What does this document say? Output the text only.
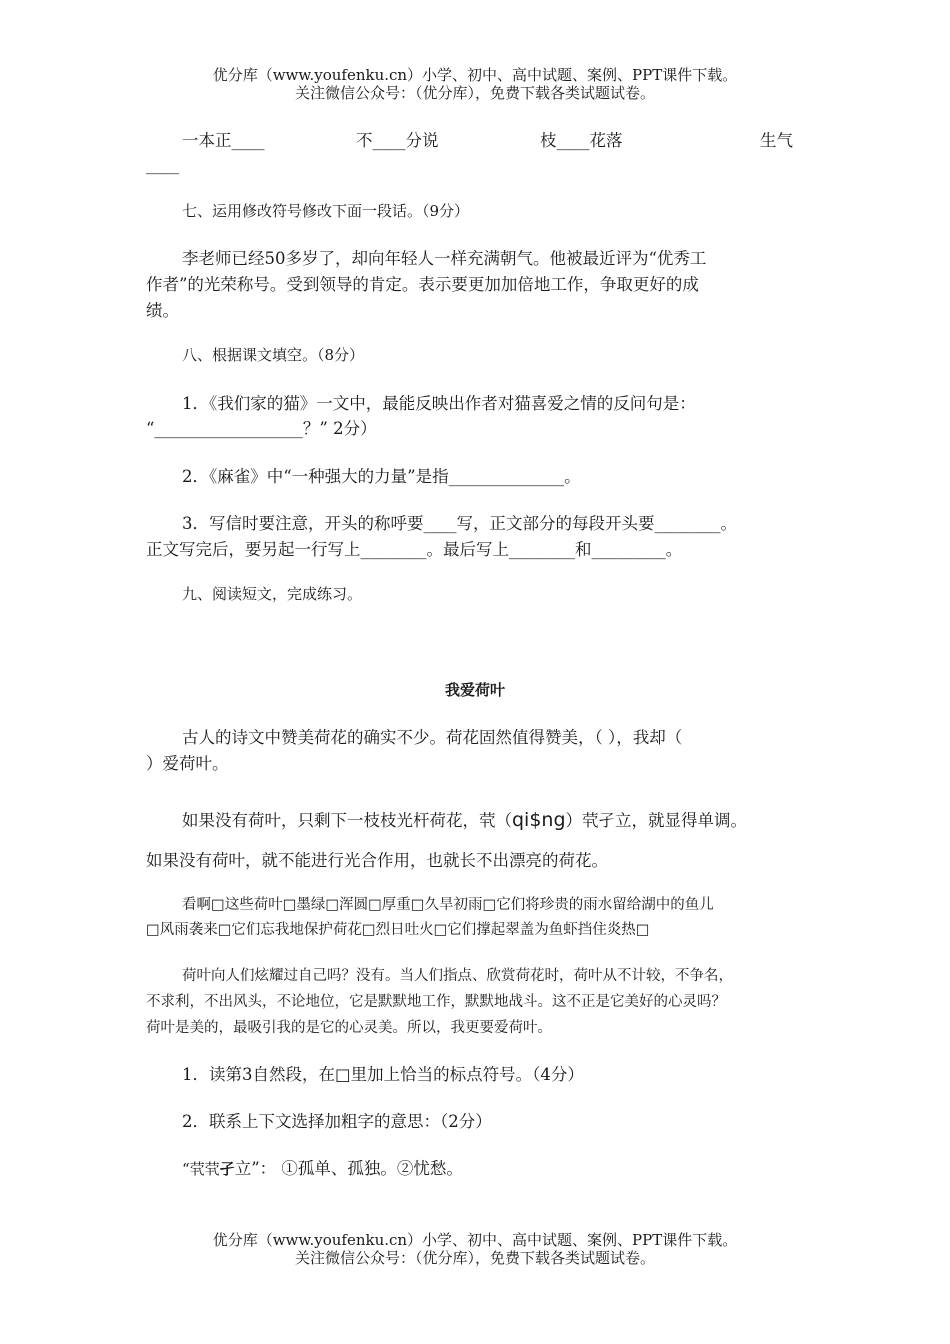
优分库（www.youfenku.cn）小学、初中、高中试题、案例、PPT课件下载。
关注微信公众号：（优分库），免费下载各类试题试卷。
一本正____	不____分说	枝____花落	生气
____
七、运用修改符号修改下面一段话。（9分）
李老师已经50多岁了，却向年轻人一样充满朝气。他被最近评为“优秀工
作者”的光荣称号。受到领导的肯定。表示要更加加倍地工作，争取更好的成
绩。
八、根据课文填空。（8分）
1．《我们家的猫》一文中，最能反映出作者对猫喜爱之情的反问句是：
“__________________？” 2分）
2．《麻雀》中“一种强大的力量”是指______________。
3．写信时要注意，开头的称呼要____写，正文部分的每段开头要________。
正文写完后，要另起一行写上________。最后写上________和_________。
九、阅读短文，完成练习。
我爱荷叶
古人的诗文中赞美荷花的确实不少。荷花固然值得赞美，（ ），我却（
）爱荷叶。
如果没有荷叶，只剩下一枝枝光杆荷花，茕（qi$ng）茕孑立，就显得单调。
如果没有荷叶，就不能进行光合作用，也就长不出漂亮的荷花。
看啊□这些荷叶□墨绿□浑圆□厚重□久旱初雨□它们将珍贵的雨水留给湖中的鱼儿
□风雨袭来□它们忘我地保护荷花□烈日吐火□它们撑起翠盖为鱼虾挡住炎热□
荷叶向人们炫耀过自己吗？没有。当人们指点、欣赏荷花时，荷叶从不计较，不争名，
不求利，不出风头，不论地位，它是默默地工作，默默地战斗。这不正是它美好的心灵吗？
荷叶是美的，最吸引我的是它的心灵美。所以，我更要爱荷叶。
1．读第3自然段，在□里加上恰当的标点符号。（4分）
2．联系上下文选择加粗字的意思：（2分）
“茕茕孑立”： ①孤单、孤独。②忧愁。
优分库（www.youfenku.cn）小学、初中、高中试题、案例、PPT课件下载。
关注微信公众号：（优分库），免费下载各类试题试卷。
